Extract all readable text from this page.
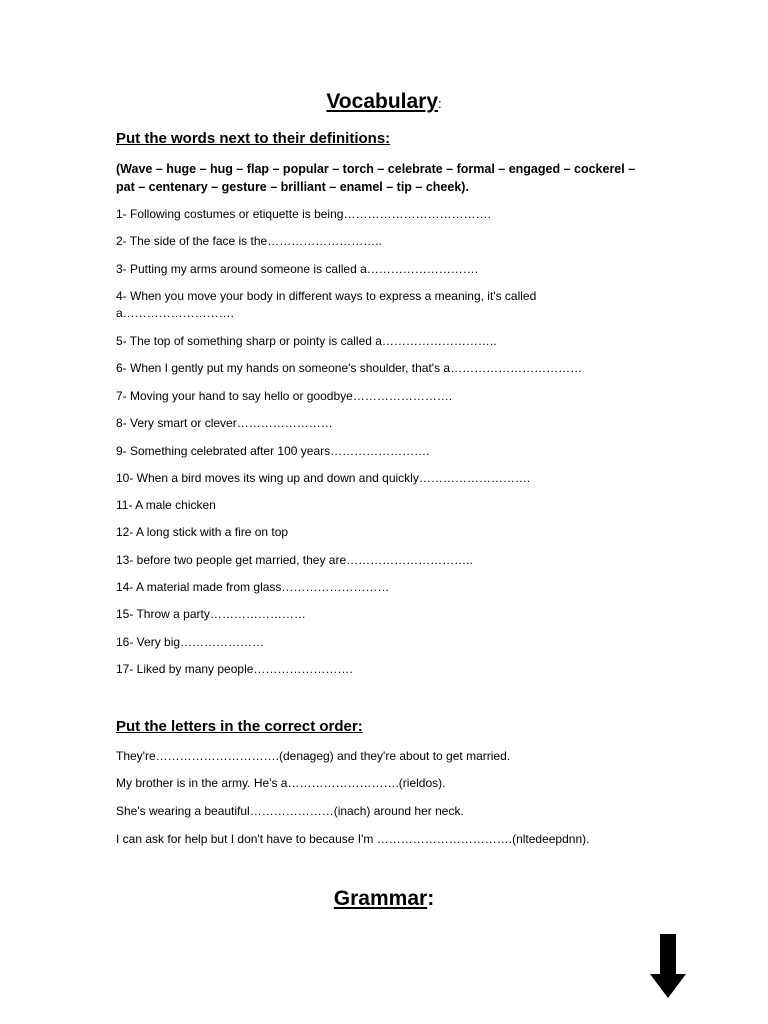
Vocabulary:
Put the words next to their definitions:
(Wave – huge – hug – flap – popular – torch – celebrate – formal – engaged – cockerel – pat – centenary – gesture – brilliant – enamel – tip – cheek).
1- Following costumes or etiquette is being……………………………….
2- The side of the face is the………………………..
3- Putting my arms around someone is called a……………………….
4- When you move your body in different ways to express a meaning, it's called a……………………….
5- The top of something sharp or pointy is called a………………………..
6- When I gently put my hands on someone's shoulder, that's a……………………………
7- Moving your hand to say hello or goodbye…………………….
8- Very smart or clever……………………
9- Something celebrated after 100 years…………………….
10- When a bird moves its wing up and down and quickly……………………….
11- A male chicken
12- A long stick with a fire on top
13- before two people get married, they are…………………………..
14- A material made from glass………………………
15- Throw a party……………………
16- Very big…………………
17- Liked by many people…………………….
Put the letters in the correct order:
They're………………………….(denageg) and they're about to get married.
My brother is in the army. He's a……………………….(rieldos).
She's wearing a beautiful…………………(inach) around her neck.
I can ask for help but I don't have to because I'm …………………………….(nltedeepdnn).
Grammar:
